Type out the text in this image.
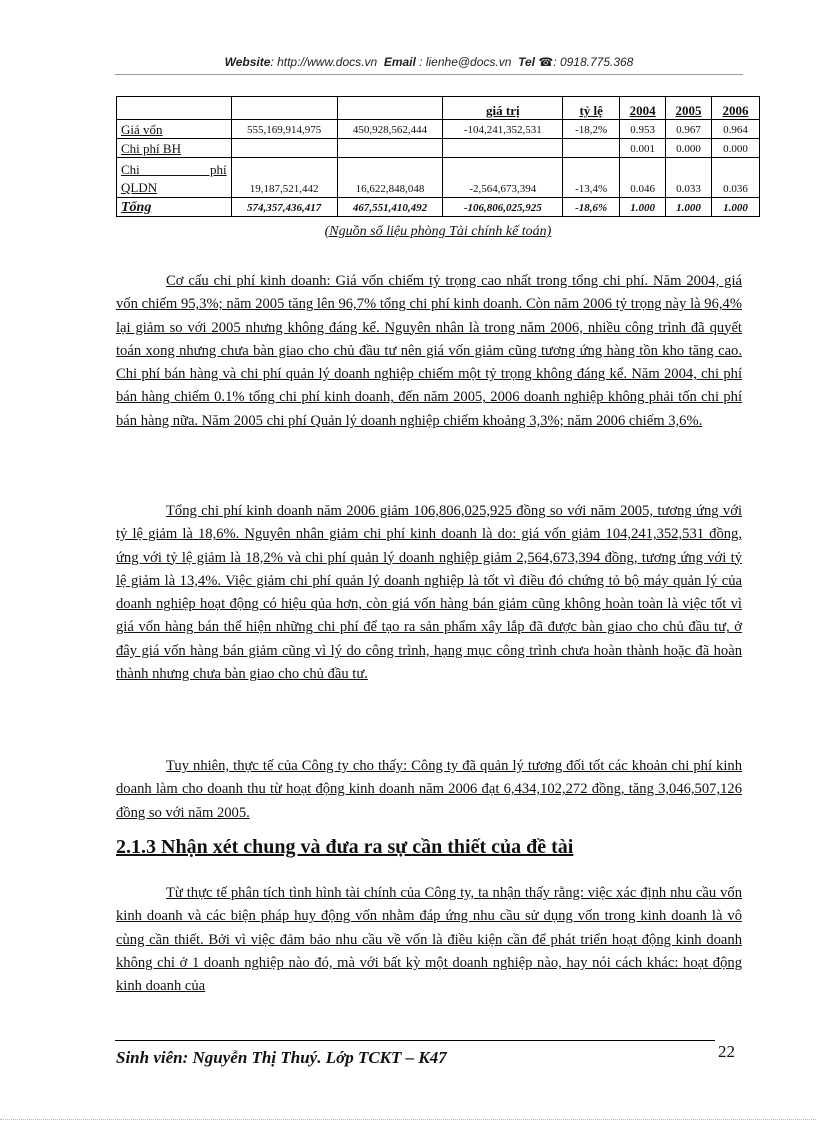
Website: http://www.docs.vn Email : lienhe@docs.vn Tel ☎: 0918.775.368
			giá trị	tỷ lệ	2004	2005	2006
Giá vốn	555,169,914,975	450,928,562,444	-104,241,352,531	-18,2%	0.953	0.967	0.964
Chi phí BH					0.001	0.000	0.000

Chi phí
QLDN	19,187,521,442	16,622,848,048	-2,564,673,394	-13,4%	0.046	0.033	0.036
Tổng	574,357,436,417	467,551,410,492	-106,806,025,925	-18,6%	1.000	1.000	1.000
(Nguồn số liệu phòng Tài chính kế toán)

Cơ cấu chi phí kinh doanh: Giá vốn chiếm tỷ trọng cao nhất trong tổng chi phí. Năm 2004, giá vốn chiếm 95,3%; năm 2005 tăng lên 96,7% tổng chi phí kinh doanh. Còn năm 2006 tỷ trọng này là 96,4% lại giảm so với 2005 nhưng không đáng kể. Nguyên nhân là trong năm 2006, nhiều công trình đã quyết toán xong nhưng chưa bàn giao cho chủ đầu tư nên giá vốn giảm cũng tương ứng hàng tồn kho tăng cao. Chi phí bán hàng và chi phí quản lý doanh nghiệp chiếm một tỷ trọng không đáng kể. Năm 2004, chi phí bán hàng chiếm 0.1% tổng chi phí kinh doanh, đến năm 2005, 2006 doanh nghiệp không phải tốn chi phí bán hàng nữa. Năm 2005 chi phí Quản lý doanh nghiệp chiếm khoảng 3,3%; năm 2006 chiếm 3,6%.

Tổng chi phí kinh doanh năm 2006 giảm 106,806,025,925 đồng so với năm 2005, tương ứng với tỷ lệ giảm là 18,6%. Nguyên nhân giảm chi phí kinh doanh là do: giá vốn giảm 104,241,352,531 đồng, ứng với tỷ lệ giảm là 18,2% và chi phí quản lý doanh nghiệp giảm 2,564,673,394 đồng, tương ứng với tỷ lệ giảm là 13,4%. Việc giảm chi phí quản lý doanh nghiệp là tốt vì điều đó chứng tỏ bộ máy quản lý của doanh nghiệp hoạt động có hiệu qủa hơn, còn giá vốn hàng bán giảm cũng không hoàn toàn là việc tốt vì giá vốn hàng bán thể hiện những chi phí để tạo ra sản phẩm xây lắp đã được bàn giao cho chủ đầu tư, ở đây giá vốn hàng bán giảm cũng vì lý do công trình, hạng mục công trình chưa hoàn thành hoặc đã hoàn thành nhưng chưa bàn giao cho chủ đầu tư.

Tuy nhiên, thực tế của Công ty cho thấy: Công ty đã quản lý tương đối tốt các khoản chi phí kinh doanh làm cho doanh thu từ hoạt động kinh doanh năm 2006 đạt 6,434,102,272 đồng, tăng 3,046,507,126 đồng so với năm 2005.

2.1.3 Nhận xét chung và đưa ra sự cần thiết của đề tài

Từ thực tế phân tích tình hình tài chính của Công ty, ta nhận thấy rằng: việc xác định nhu cầu vốn kinh doanh và các biện pháp huy động vốn nhằm đáp ứng nhu cầu sử dụng vốn trong kinh doanh là vô cùng cần thiết. Bởi vì việc đảm bảo nhu cầu về vốn là điều kiện cần để phát triển hoạt động kinh doanh không chỉ ở 1 doanh nghiệp nào đó, mà với bất kỳ một doanh nghiệp nào, hay nói cách khác: hoạt động kinh doanh của

Sinh viên: Nguyễn Thị Thuý. Lớp TCKT – K47	22
